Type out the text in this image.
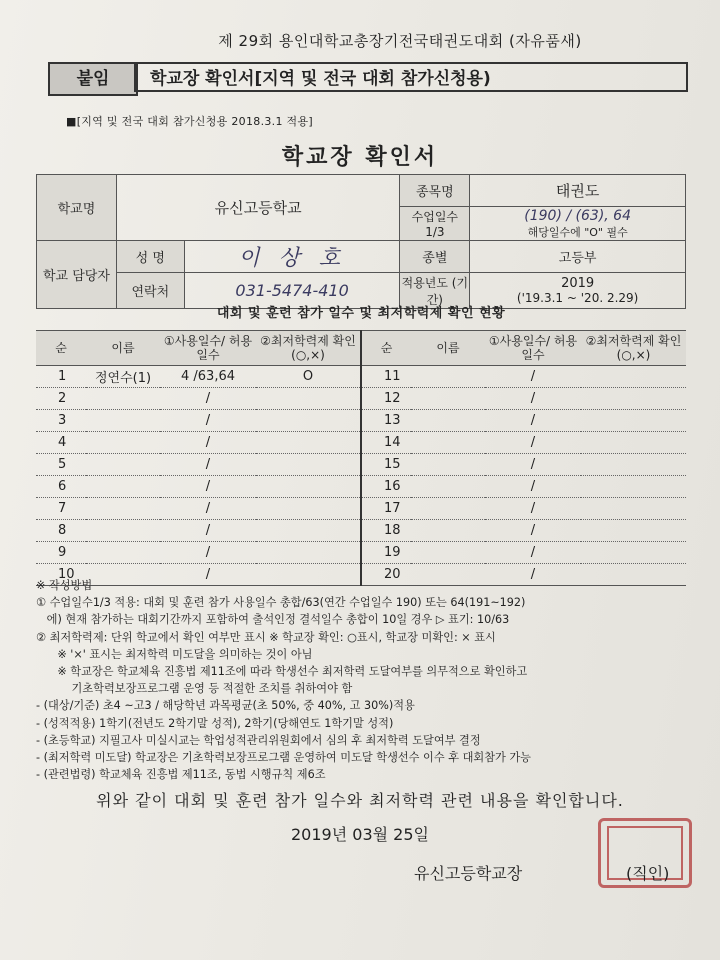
제 29회 용인대학교총장기전국태권도대회 (자유품새)
붙임	학교장 확인서[지역 및 전국 대회 참가신청용)
■[지역 및 전국 대회 참가신청용 2018.3.1 적용]
학교장 확인서
학교명	유신고등학교		종목명	태권도
			수업일수 1/3	(190) / (63), 64
해당일수에 "O" 필수

학교 담당자	성 명	이 상 호	종별	고등부
	연락처	031-5474-410	적용년도 (기간)	2019
('19.3.1 ~ '20. 2.29)
대회 및 훈련 참가 일수 및 최저학력제 확인 현황
순	이름	①사용일수/ 허용일수	②최저학력제 확인(○,×)	순	이름	①사용일수/ 허용일수	②최저학력제 확인(○,×)
1	정연수(1)	4 /63,64	O	11		/	
2		/		12		/	
3		/		13		/	
4		/		14		/	
5		/		15		/	
6		/		16		/	
7		/		17		/	
8		/		18		/	
9		/		19		/	
10		/		20		/	
※ 작성방법
① 수업일수1/3 적용: 대회 및 훈련 참가 사용일수 총합/63(연간 수업일수 190) 또는 64(191~192)
에) 현재 참가하는 대회기간까지 포함하여 출석인정 결석일수 총합이 10일 경우 ▷ 표기: 10/63
② 최저학력제: 단위 학교에서 확인 여부만 표시 ※ 학교장 확인: ○표시, 학교장 미확인: × 표시
※ '×' 표시는 최저학력 미도달을 의미하는 것이 아님
※ 학교장은 학교체육 진흥법 제11조에 따라 학생선수 최저학력 도달여부를 의무적으로 확인하고
기초학력보장프로그램 운영 등 적절한 조치를 취하여야 함
- (대상/기준) 초4 ~고3 / 해당학년 과목평균(초 50%, 중 40%, 고 30%)적용
- (성적적용) 1학기(전년도 2학기말 성적), 2학기(당해연도 1학기말 성적)
- (초등학교) 지필고사 미실시교는 학업성적관리위원회에서 심의 후 최저학력 도달여부 결정
- (최저학력 미도달) 학교장은 기초학력보장프로그램 운영하여 미도달 학생선수 이수 후 대회참가 가능
- (관련법령) 학교체육 진흥법 제11조, 동법 시행규칙 제6조
위와 같이 대회 및 훈련 참가 일수와 최저학력 관련 내용을 확인합니다.
2019년 03월 25일
유신고등학교장	(직인)
